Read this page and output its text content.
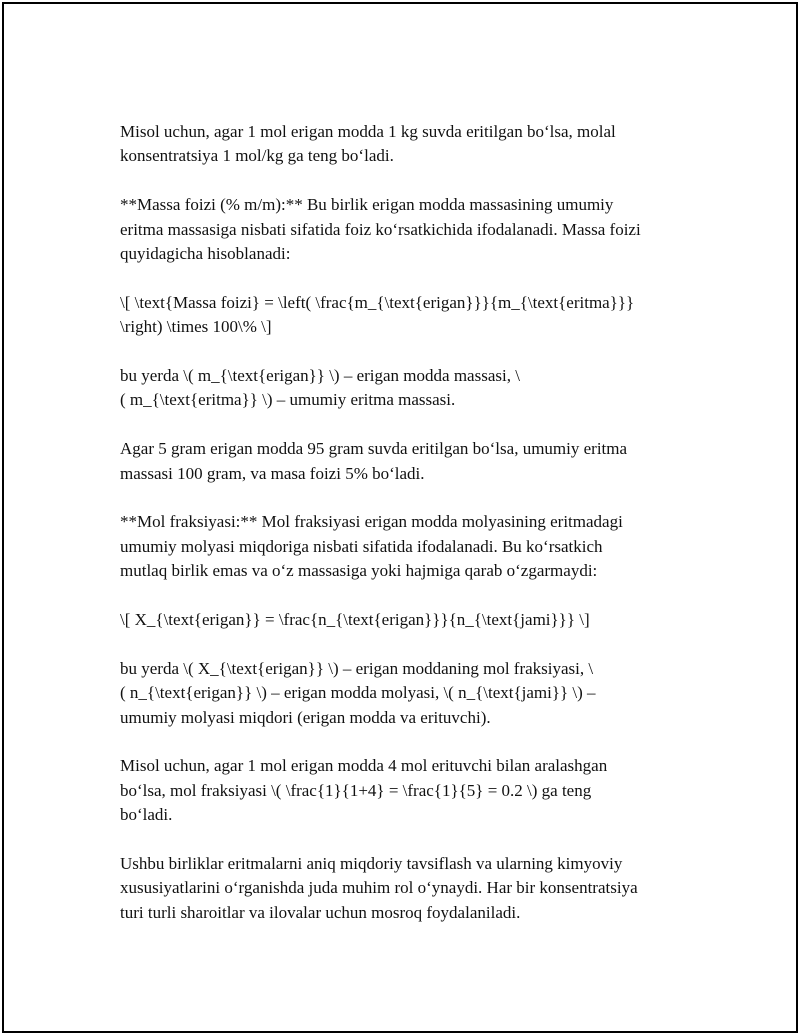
Misol uchun, agar 1 mol erigan modda 1 kg suvda eritilgan bo‘lsa, molal
konsentratsiya 1 mol/kg ga teng bo‘ladi.

**Massa foizi (% m/m):** Bu birlik erigan modda massasining umumiy
eritma massasiga nisbati sifatida foiz ko‘rsatkichida ifodalanadi. Massa foizi
quyidagicha hisoblanadi:

\[ \text{Massa foizi} = \left( \frac{m_{\text{erigan}}}{m_{\text{eritma}}}
\right) \times 100\% \]

bu yerda \( m_{\text{erigan}} \) – erigan modda massasi, \
( m_{\text{eritma}} \) – umumiy eritma massasi.

Agar 5 gram erigan modda 95 gram suvda eritilgan bo‘lsa, umumiy eritma
massasi 100 gram, va masa foizi 5% bo‘ladi.

**Mol fraksiyasi:** Mol fraksiyasi erigan modda molyasining eritmadagi
umumiy molyasi miqdoriga nisbati sifatida ifodalanadi. Bu ko‘rsatkich
mutlaq birlik emas va o‘z massasiga yoki hajmiga qarab o‘zgarmaydi:

\[ X_{\text{erigan}} = \frac{n_{\text{erigan}}}{n_{\text{jami}}} \]

bu yerda \( X_{\text{erigan}} \) – erigan moddaning mol fraksiyasi, \
( n_{\text{erigan}} \) – erigan modda molyasi, \( n_{\text{jami}} \) –
umumiy molyasi miqdori (erigan modda va erituvchi).

Misol uchun, agar 1 mol erigan modda 4 mol erituvchi bilan aralashgan
bo‘lsa, mol fraksiyasi \( \frac{1}{1+4} = \frac{1}{5} = 0.2 \) ga teng
bo‘ladi.

Ushbu birliklar eritmalarni aniq miqdoriy tavsiflash va ularning kimyoviy
xususiyatlarini o‘rganishda juda muhim rol o‘ynaydi. Har bir konsentratsiya
turi turli sharoitlar va ilovalar uchun mosroq foydalaniladi.
